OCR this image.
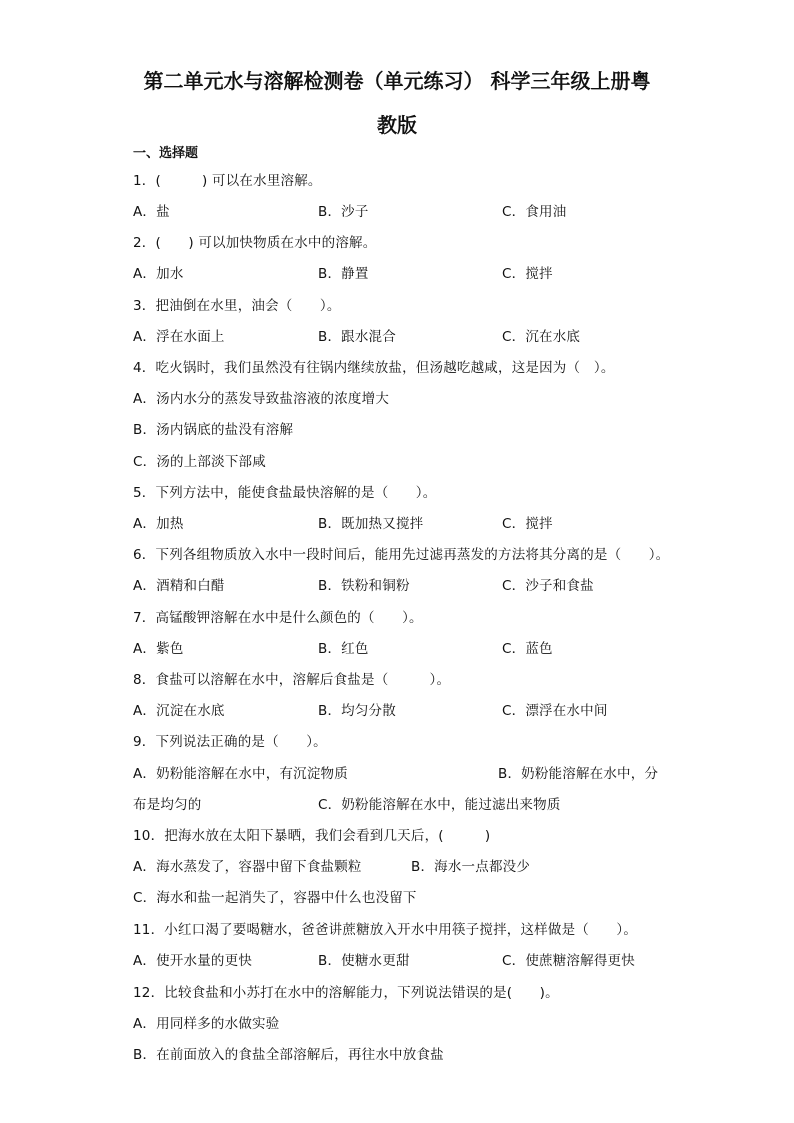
第二单元水与溶解检测卷（单元练习） 科学三年级上册粤
教版
一、选择题
1．(　　　) 可以在水里溶解。
A．盐	B．沙子	C．食用油
2．(　　) 可以加快物质在水中的溶解。
A．加水	B．静置	C．搅拌
3．把油倒在水里，油会（　　）。
A．浮在水面上	B．跟水混合	C．沉在水底
4．吃火锅时，我们虽然没有往锅内继续放盐，但汤越吃越咸，这是因为（　）。
A．汤内水分的蒸发导致盐溶液的浓度增大
B．汤内锅底的盐没有溶解
C．汤的上部淡下部咸
5．下列方法中，能使食盐最快溶解的是（　　）。
A．加热	B．既加热又搅拌	C．搅拌
6．下列各组物质放入水中一段时间后，能用先过滤再蒸发的方法将其分离的是（　　）。
A．酒精和白醋	B．铁粉和铜粉	C．沙子和食盐
7．高锰酸钾溶解在水中是什么颜色的（　　）。
A．紫色	B．红色	C．蓝色
8．食盐可以溶解在水中，溶解后食盐是（　　　）。
A．沉淀在水底	B．均匀分散	C．漂浮在水中间
9．下列说法正确的是（　　）。
A．奶粉能溶解在水中，有沉淀物质	B．奶粉能溶解在水中，分
布是均匀的	C．奶粉能溶解在水中，能过滤出来物质
10．把海水放在太阳下暴晒，我们会看到几天后，(　　　)
A．海水蒸发了，容器中留下食盐颗粒	B．海水一点都没少
C．海水和盐一起消失了，容器中什么也没留下
11．小红口渴了要喝糖水，爸爸讲蔗糖放入开水中用筷子搅拌，这样做是（　　）。
A．使开水量的更快	B．使糖水更甜	C．使蔗糖溶解得更快
12．比较食盐和小苏打在水中的溶解能力，下列说法错误的是(　　)。
A．用同样多的水做实验
B．在前面放入的食盐全部溶解后，再往水中放食盐
